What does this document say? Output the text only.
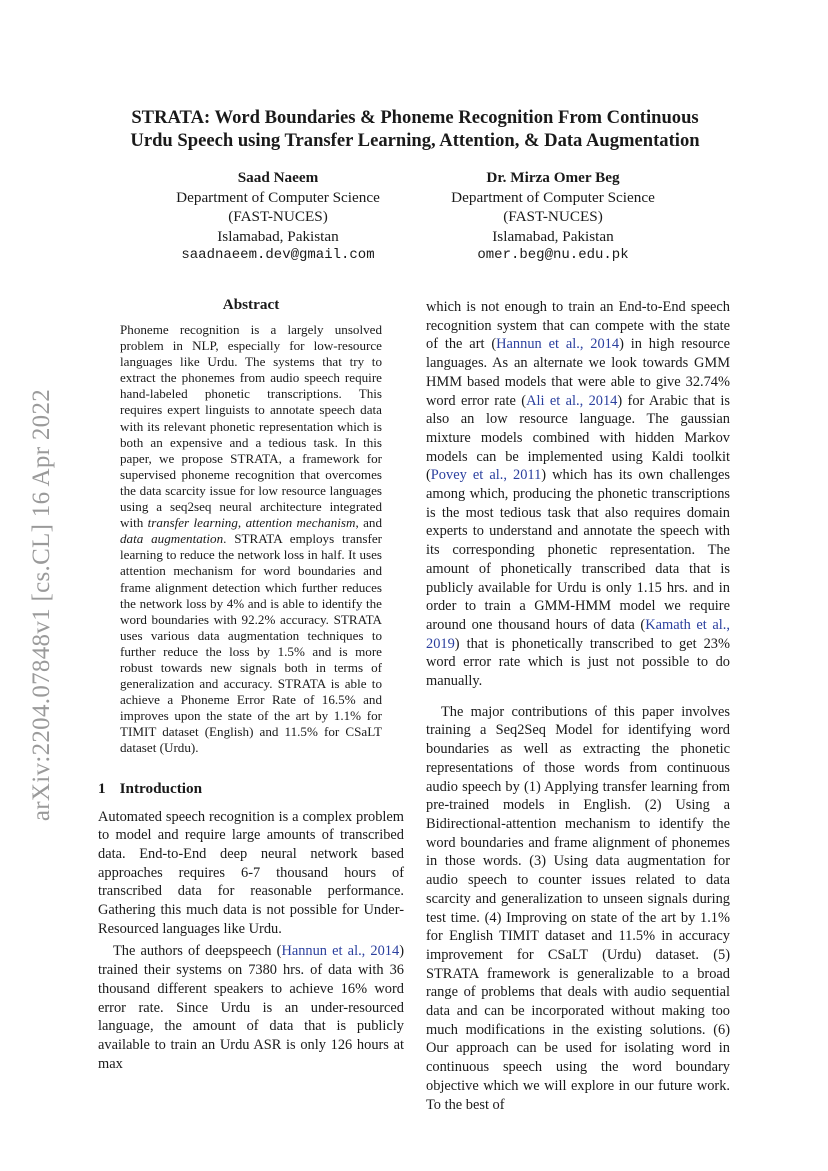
arXiv:2204.07848v1 [cs.CL] 16 Apr 2022
STRATA: Word Boundaries & Phoneme Recognition From Continuous
Urdu Speech using Transfer Learning, Attention, & Data Augmentation
Saad Naeem
Department of Computer Science
(FAST-NUCES)
Islamabad, Pakistan
saadnaeem.dev@gmail.com
Dr. Mirza Omer Beg
Department of Computer Science
(FAST-NUCES)
Islamabad, Pakistan
omer.beg@nu.edu.pk
Abstract

Phoneme recognition is a largely unsolved problem in NLP, especially for low-resource languages like Urdu. The systems that try to extract the phonemes from audio speech require hand-labeled phonetic transcriptions. This requires expert linguists to annotate speech data with its relevant phonetic representation which is both an expensive and a tedious task. In this paper, we propose STRATA, a framework for supervised phoneme recognition that overcomes the data scarcity issue for low resource languages using a seq2seq neural architecture integrated with transfer learning, attention mechanism, and data augmentation. STRATA employs transfer learning to reduce the network loss in half. It uses attention mechanism for word boundaries and frame alignment detection which further reduces the network loss by 4% and is able to identify the word boundaries with 92.2% accuracy. STRATA uses various data augmentation techniques to further reduce the loss by 1.5% and is more robust towards new signals both in terms of generalization and accuracy. STRATA is able to achieve a Phoneme Error Rate of 16.5% and improves upon the state of the art by 1.1% for TIMIT dataset (English) and 11.5% for CSaLT dataset (Urdu).

1 Introduction

Automated speech recognition is a complex problem to model and require large amounts of transcribed data. End-to-End deep neural network based approaches requires 6-7 thousand hours of transcribed data for reasonable performance. Gathering this much data is not possible for Under-Resourced languages like Urdu.

The authors of deepspeech (Hannun et al., 2014) trained their systems on 7380 hrs. of data with 36 thousand different speakers to achieve 16% word error rate. Since Urdu is an under-resourced language, the amount of data that is publicly available to train an Urdu ASR is only 126 hours at max

which is not enough to train an End-to-End speech recognition system that can compete with the state of the art (Hannun et al., 2014) in high resource languages. As an alternate we look towards GMM HMM based models that were able to give 32.74% word error rate (Ali et al., 2014) for Arabic that is also an low resource language. The gaussian mixture models combined with hidden Markov models can be implemented using Kaldi toolkit (Povey et al., 2011) which has its own challenges among which, producing the phonetic transcriptions is the most tedious task that also requires domain experts to understand and annotate the speech with its corresponding phonetic representation. The amount of phonetically transcribed data that is publicly available for Urdu is only 1.15 hrs. and in order to train a GMM-HMM model we require around one thousand hours of data (Kamath et al., 2019) that is phonetically transcribed to get 23% word error rate which is just not possible to do manually.

The major contributions of this paper involves training a Seq2Seq Model for identifying word boundaries as well as extracting the phonetic representations of those words from continuous audio speech by (1) Applying transfer learning from pre-trained models in English. (2) Using a Bidirectional-attention mechanism to identify the word boundaries and frame alignment of phonemes in those words. (3) Using data augmentation for audio speech to counter issues related to data scarcity and generalization to unseen signals during test time. (4) Improving on state of the art by 1.1% for English TIMIT dataset and 11.5% in accuracy improvement for CSaLT (Urdu) dataset. (5) STRATA framework is generalizable to a broad range of problems that deals with audio sequential data and can be incorporated without making too much modifications in the existing solutions. (6) Our approach can be used for isolating word in continuous speech using the word boundary objective which we will explore in our future work. To the best of
